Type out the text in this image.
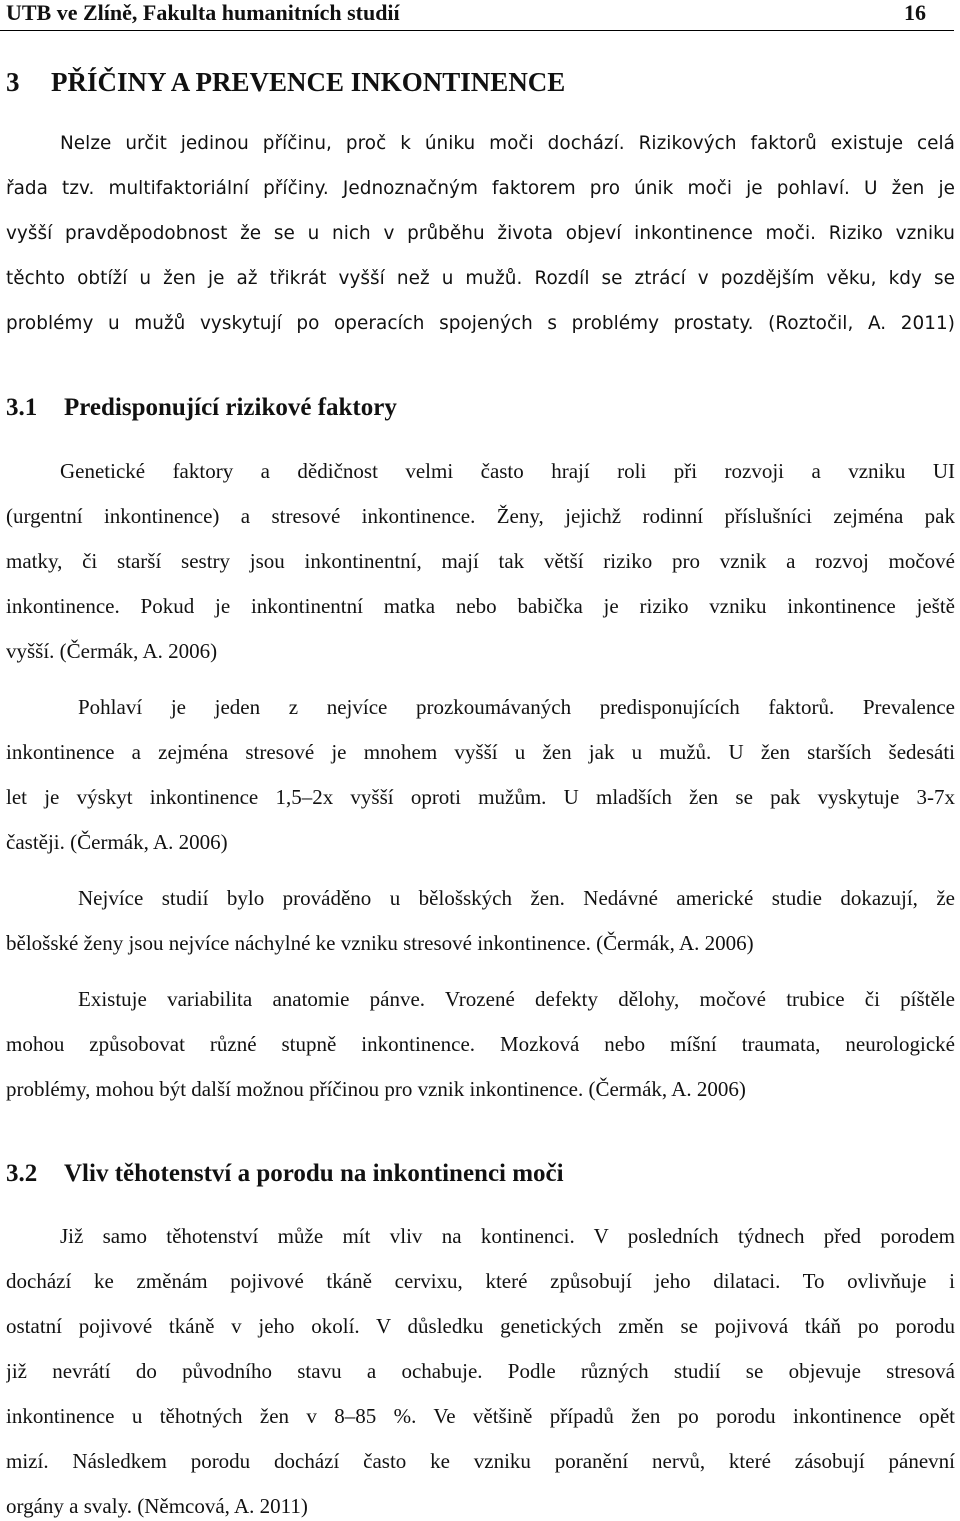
UTB ve Zlíně, Fakulta humanitních studií	16
3 PŘÍČINY A PREVENCE INKONTINENCE
Nelze určit jedinou příčinu, proč k úniku moči dochází. Rizikových faktorů existuje celá
řada tzv. multifaktoriální příčiny. Jednoznačným faktorem pro únik moči je pohlaví. U žen je
vyšší pravděpodobnost že se u nich v průběhu života objeví inkontinence moči. Riziko vzniku
těchto obtíží u žen je až třikrát vyšší než u mužů. Rozdíl se ztrácí v pozdějším věku, kdy se
problémy u mužů vyskytují po operacích spojených s problémy prostaty. (Roztočil, A. 2011)
3.1 Predisponující rizikové faktory
Genetické faktory a dědičnost velmi často hrají roli při rozvoji a vzniku UI
(urgentní inkontinence) a stresové inkontinence. Ženy, jejichž rodinní příslušníci zejména pak
matky, či starší sestry jsou inkontinentní, mají tak větší riziko pro vznik a rozvoj močové
inkontinence. Pokud je inkontinentní matka nebo babička je riziko vzniku inkontinence ještě
vyšší. (Čermák, A. 2006)
Pohlaví je jeden z nejvíce prozkoumávaných predisponujících faktorů. Prevalence
inkontinence a zejména stresové je mnohem vyšší u žen jak u mužů. U žen starších šedesáti
let je výskyt inkontinence 1,5–2x vyšší oproti mužům. U mladších žen se pak vyskytuje 3-7x
častěji. (Čermák, A. 2006)
Nejvíce studií bylo prováděno u bělošských žen. Nedávné americké studie dokazují, že
bělošské ženy jsou nejvíce náchylné ke vzniku stresové inkontinence. (Čermák, A. 2006)
Existuje variabilita anatomie pánve. Vrozené defekty dělohy, močové trubice či píštěle
mohou způsobovat různé stupně inkontinence. Mozková nebo míšní traumata, neurologické
problémy, mohou být další možnou příčinou pro vznik inkontinence. (Čermák, A. 2006)
3.2 Vliv těhotenství a porodu na inkontinenci moči
Již samo těhotenství může mít vliv na kontinenci. V posledních týdnech před porodem
dochází ke změnám pojivové tkáně cervixu, které způsobují jeho dilataci. To ovlivňuje i
ostatní pojivové tkáně v jeho okolí. V důsledku genetických změn se pojivová tkáň po porodu
již nevrátí do původního stavu a ochabuje. Podle různých studií se objevuje stresová
inkontinence u těhotných žen v 8–85 %. Ve většině případů žen po porodu inkontinence opět
mizí. Následkem porodu dochází často ke vzniku poranění nervů, které zásobují pánevní
orgány a svaly. (Němcová, A. 2011)
